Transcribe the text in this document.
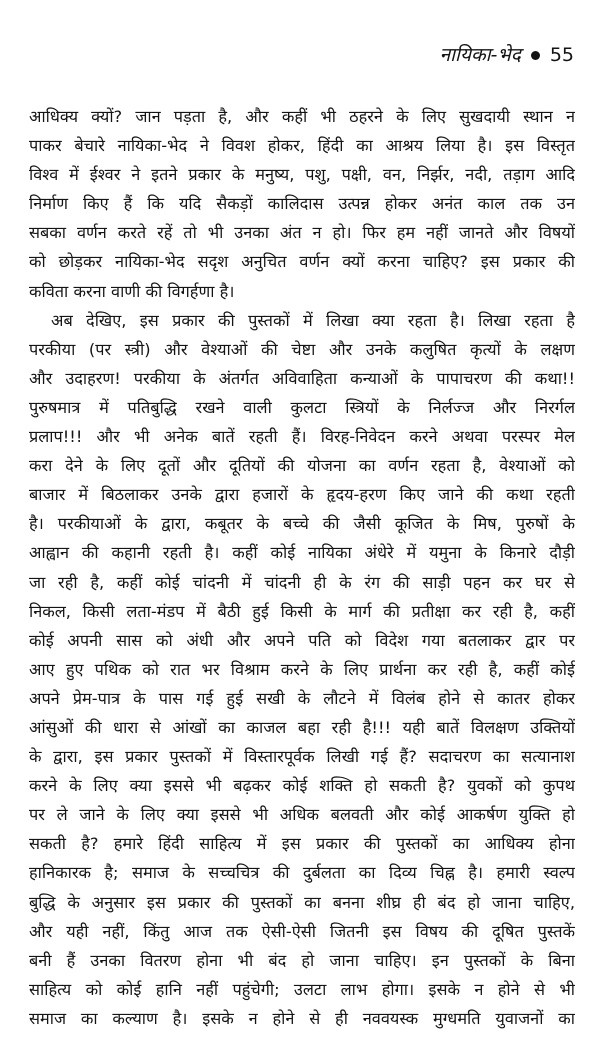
नायिका-भेद 55
आधिक्य क्यों? जान पड़ता है, और कहीं भी ठहरने के लिए सुखदायी स्थान न
पाकर बेचारे नायिका-भेद ने विवश होकर, हिंदी का आश्रय लिया है। इस विस्तृत
विश्व में ईश्वर ने इतने प्रकार के मनुष्य, पशु, पक्षी, वन, निर्झर, नदी, तड़ाग आदि
निर्माण किए हैं कि यदि सैकड़ों कालिदास उत्पन्न होकर अनंत काल तक उन
सबका वर्णन करते रहें तो भी उनका अंत न हो। फिर हम नहीं जानते और विषयों
को छोड़कर नायिका-भेद सदृश अनुचित वर्णन क्यों करना चाहिए? इस प्रकार की
कविता करना वाणी की विगर्हणा है।
अब देखिए, इस प्रकार की पुस्तकों में लिखा क्या रहता है। लिखा रहता है
परकीया (पर स्त्री) और वेश्याओं की चेष्टा और उनके कलुषित कृत्यों के लक्षण
और उदाहरण! परकीया के अंतर्गत अविवाहिता कन्याओं के पापाचरण की कथा!!
पुरुषमात्र में पतिबुद्धि रखने वाली कुलटा स्त्रियों के निर्लज्ज और निरर्गल
प्रलाप!!! और भी अनेक बातें रहती हैं। विरह-निवेदन करने अथवा परस्पर मेल
करा देने के लिए दूतों और दूतियों की योजना का वर्णन रहता है, वेश्याओं को
बाजार में बिठलाकर उनके द्वारा हजारों के हृदय-हरण किए जाने की कथा रहती
है। परकीयाओं के द्वारा, कबूतर के बच्चे की जैसी कूजित के मिष, पुरुषों के
आह्वान की कहानी रहती है। कहीं कोई नायिका अंधेरे में यमुना के किनारे दौड़ी
जा रही है, कहीं कोई चांदनी में चांदनी ही के रंग की साड़ी पहन कर घर से
निकल, किसी लता-मंडप में बैठी हुई किसी के मार्ग की प्रतीक्षा कर रही है, कहीं
कोई अपनी सास को अंधी और अपने पति को विदेश गया बतलाकर द्वार पर
आए हुए पथिक को रात भर विश्राम करने के लिए प्रार्थना कर रही है, कहीं कोई
अपने प्रेम-पात्र के पास गई हुई सखी के लौटने में विलंब होने से कातर होकर
आंसुओं की धारा से आंखों का काजल बहा रही है!!! यही बातें विलक्षण उक्तियों
के द्वारा, इस प्रकार पुस्तकों में विस्तारपूर्वक लिखी गई हैं? सदाचरण का सत्यानाश
करने के लिए क्या इससे भी बढ़कर कोई शक्ति हो सकती है? युवकों को कुपथ
पर ले जाने के लिए क्या इससे भी अधिक बलवती और कोई आकर्षण युक्ति हो
सकती है? हमारे हिंदी साहित्य में इस प्रकार की पुस्तकों का आधिक्य होना
हानिकारक है; समाज के सच्चचित्र की दुर्बलता का दिव्य चिह्न है। हमारी स्वल्प
बुद्धि के अनुसार इस प्रकार की पुस्तकों का बनना शीघ्र ही बंद हो जाना चाहिए,
और यही नहीं, किंतु आज तक ऐसी-ऐसी जितनी इस विषय की दूषित पुस्तकें
बनी हैं उनका वितरण होना भी बंद हो जाना चाहिए। इन पुस्तकों के बिना
साहित्य को कोई हानि नहीं पहुंचेगी; उलटा लाभ होगा। इसके न होने से भी
समाज का कल्याण है। इसके न होने से ही नववयस्क मुग्धमति युवाजनों का
